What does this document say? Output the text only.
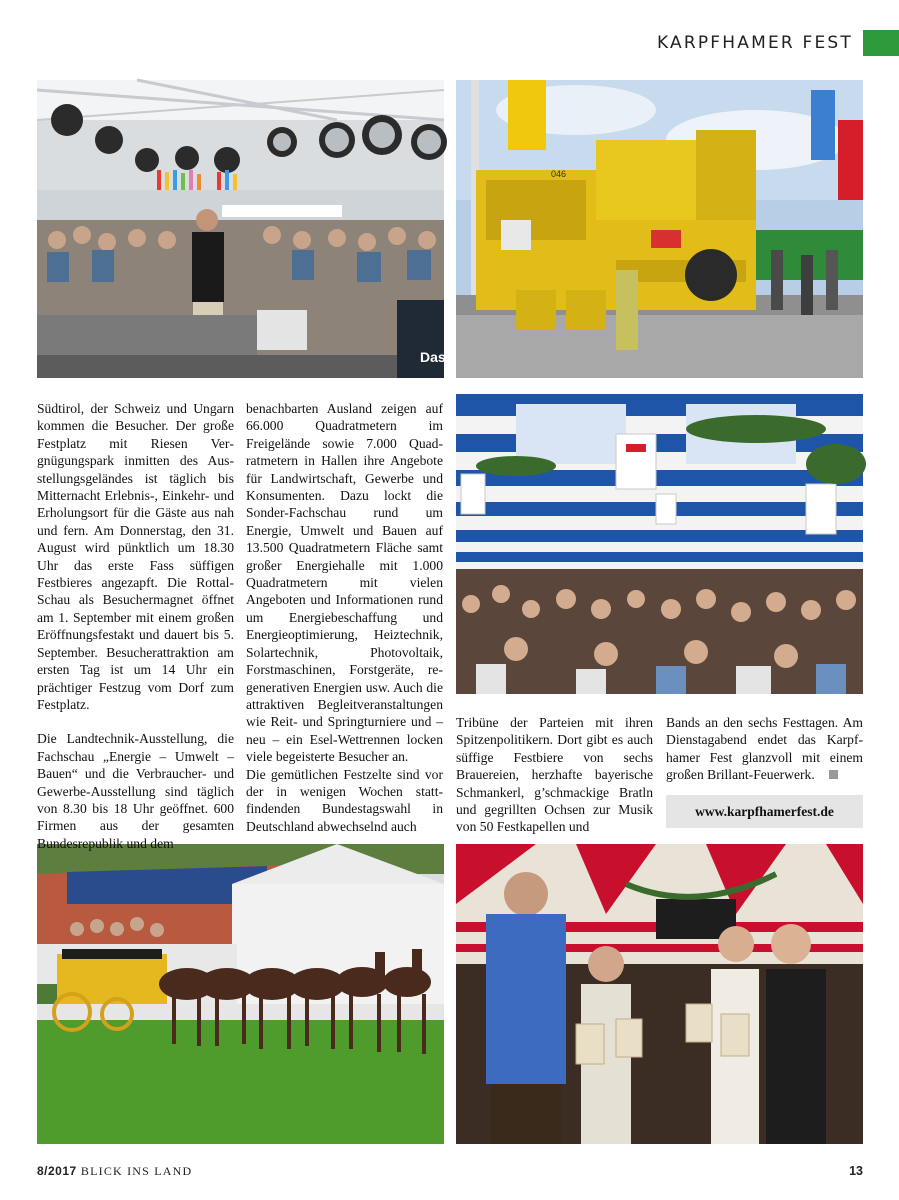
KARPFHAMER FEST
Dase
046

Südtirol, der Schweiz und Ungarn kommen die Besucher. Der große Festplatz mit Riesen Vergnügungspark inmitten des Ausstellungsgeländes ist täglich bis Mitternacht Erlebnis-, Einkehr- und Erholungsort für die Gäste aus nah und fern. Am Donnerstag, den 31. August wird pünktlich um 18.30 Uhr das erste Fass süffigen Festbieres angezapft. Die Rottal-Schau als Besuchermagnet öffnet am 1. September mit einem großen Eröffnungsfestakt und dauert bis 5. September. Besucherattraktion am ersten Tag ist um 14 Uhr ein prächtiger Festzug vom Dorf zum Festplatz.

Die Landtechnik-Ausstellung, die Fachschau „Energie – Umwelt –Bauen“ und die Verbraucher- und Gewerbe-Ausstellung sind täglich von 8.30 bis 18 Uhr geöffnet. 600 Firmen aus der gesamten Bundesrepublik und dem

benachbarten Ausland zeigen auf 66.000 Quadratmetern im Freigelände sowie 7.000 Quadratmetern in Hallen ihre Angebote für Landwirtschaft, Gewerbe und Konsumenten. Dazu lockt die Sonder-Fachschau rund um Energie, Umwelt und Bauen auf 13.500 Quadratmetern Fläche samt großer Energiehalle mit 1.000 Quadratmetern mit vielen Angeboten und Informationen rund um Energiebeschaffung und Energieoptimierung, Heiztechnik, Solartechnik, Photovoltaik, Forstmaschinen, Forstgeräte, regenerativen Energien usw. Auch die attraktiven Begleitveranstaltungen wie Reit- und Springturniere und – neu – ein Esel-Wettrennen locken viele begeisterte Besucher an.

Die gemütlichen Festzelte sind vor der in wenigen Wochen stattfindenden Bundestagswahl in Deutschland abwechselnd auch

Tribüne der Parteien mit ihren Spitzenpolitikern. Dort gibt es auch süffige Festbiere von sechs Brauereien, herzhafte bayerische Schmankerl, g’schmackige Bratln und gegrillten Ochsen zur Musik von 50 Festkapellen und

Bands an den sechs Festtagen. Am Dienstagabend endet das Karpfhamer Fest glanzvoll mit einem großen Brillant-Feuerwerk.

www.karpfhamerfest.de
8/2017 BLICK INS LAND	13
